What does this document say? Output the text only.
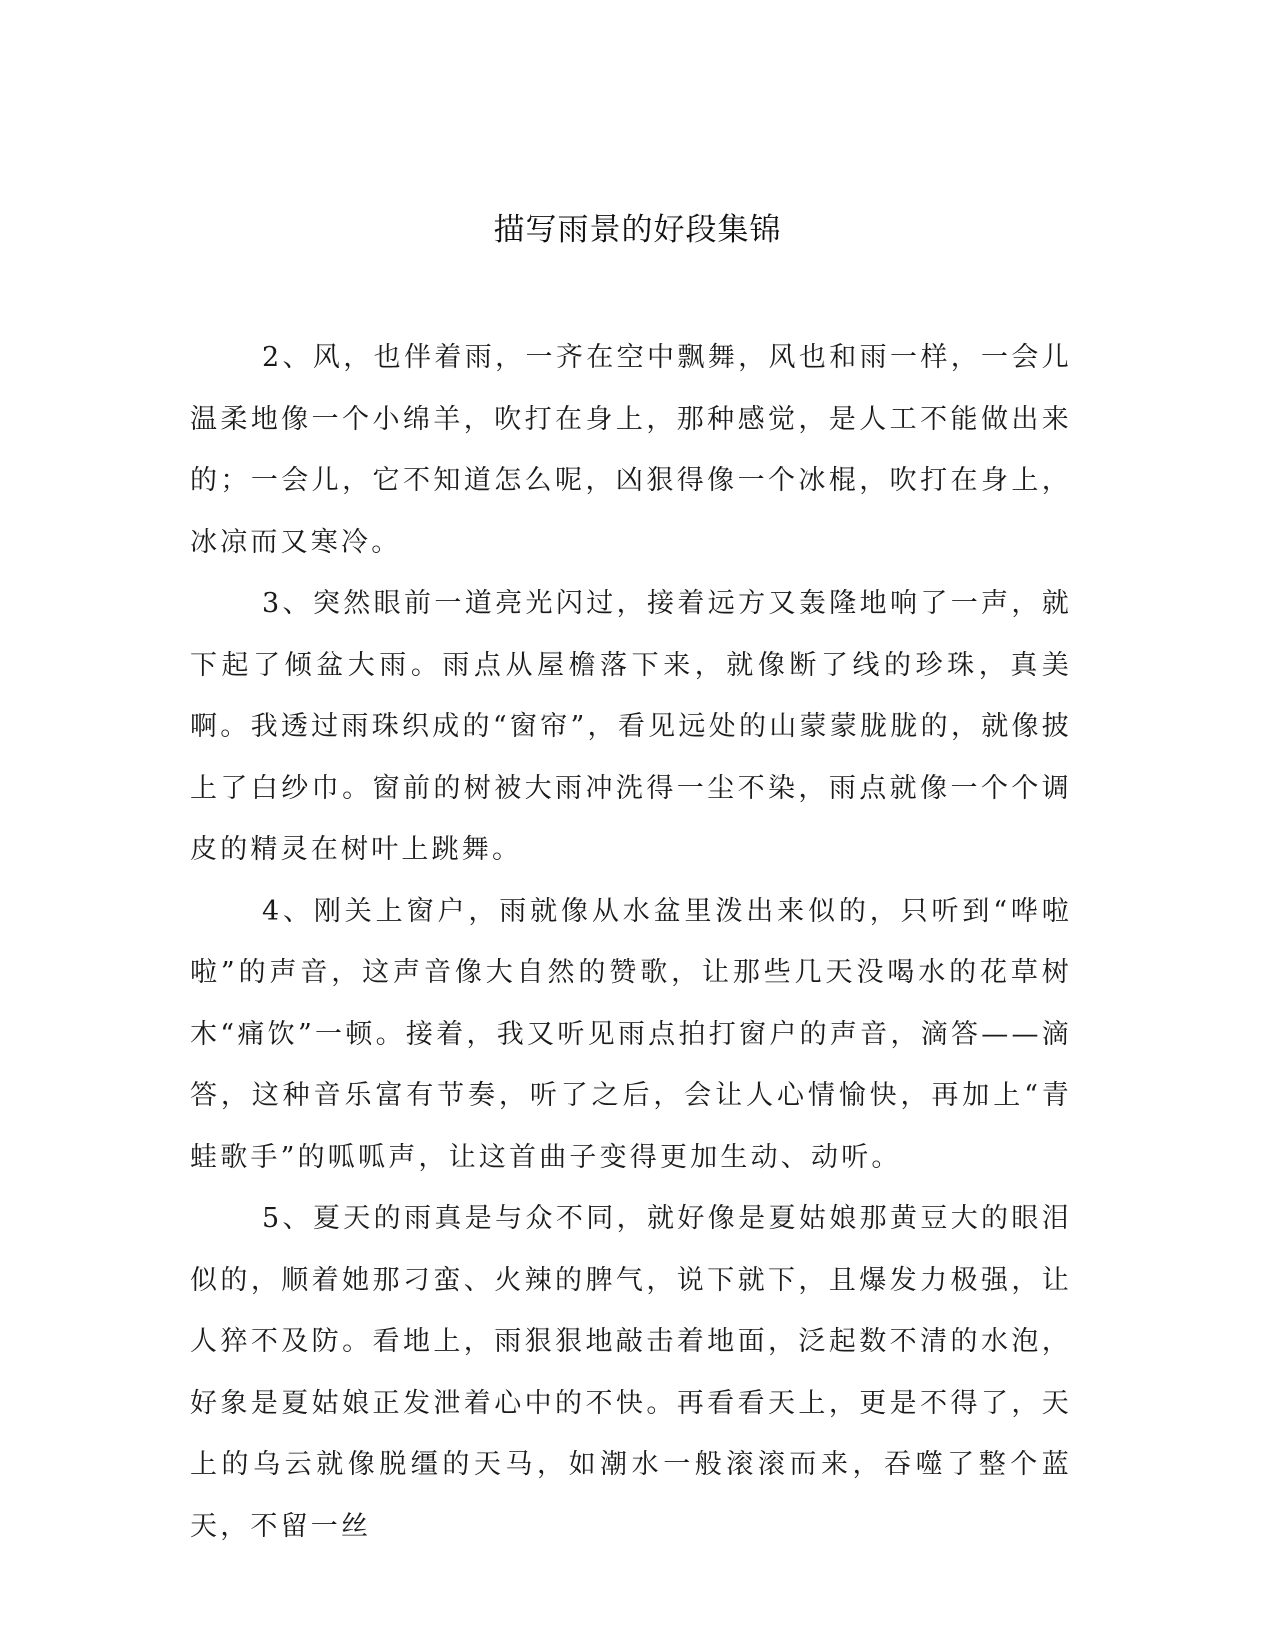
描写雨景的好段集锦

2、风，也伴着雨，一齐在空中飘舞，风也和雨一样，一会儿温柔地像一个小绵羊，吹打在身上，那种感觉，是人工不能做出来的；一会儿，它不知道怎么呢，凶狠得像一个冰棍，吹打在身上，冰凉而又寒冷。

3、突然眼前一道亮光闪过，接着远方又轰隆地响了一声，就下起了倾盆大雨。雨点从屋檐落下来，就像断了线的珍珠，真美啊。我透过雨珠织成的“窗帘”，看见远处的山蒙蒙胧胧的，就像披上了白纱巾。窗前的树被大雨冲洗得一尘不染，雨点就像一个个调皮的精灵在树叶上跳舞。

4、刚关上窗户，雨就像从水盆里泼出来似的，只听到“哗啦啦”的声音，这声音像大自然的赞歌，让那些几天没喝水的花草树木“痛饮”一顿。接着，我又听见雨点拍打窗户的声音，滴答——滴答，这种音乐富有节奏，听了之后，会让人心情愉快，再加上“青蛙歌手”的呱呱声，让这首曲子变得更加生动、动听。

5、夏天的雨真是与众不同，就好像是夏姑娘那黄豆大的眼泪似的，顺着她那刁蛮、火辣的脾气，说下就下，且爆发力极强，让人猝不及防。看地上，雨狠狠地敲击着地面，泛起数不清的水泡，好象是夏姑娘正发泄着心中的不快。再看看天上，更是不得了，天上的乌云就像脱缰的天马，如潮水一般滚滚而来，吞噬了整个蓝天，不留一丝
